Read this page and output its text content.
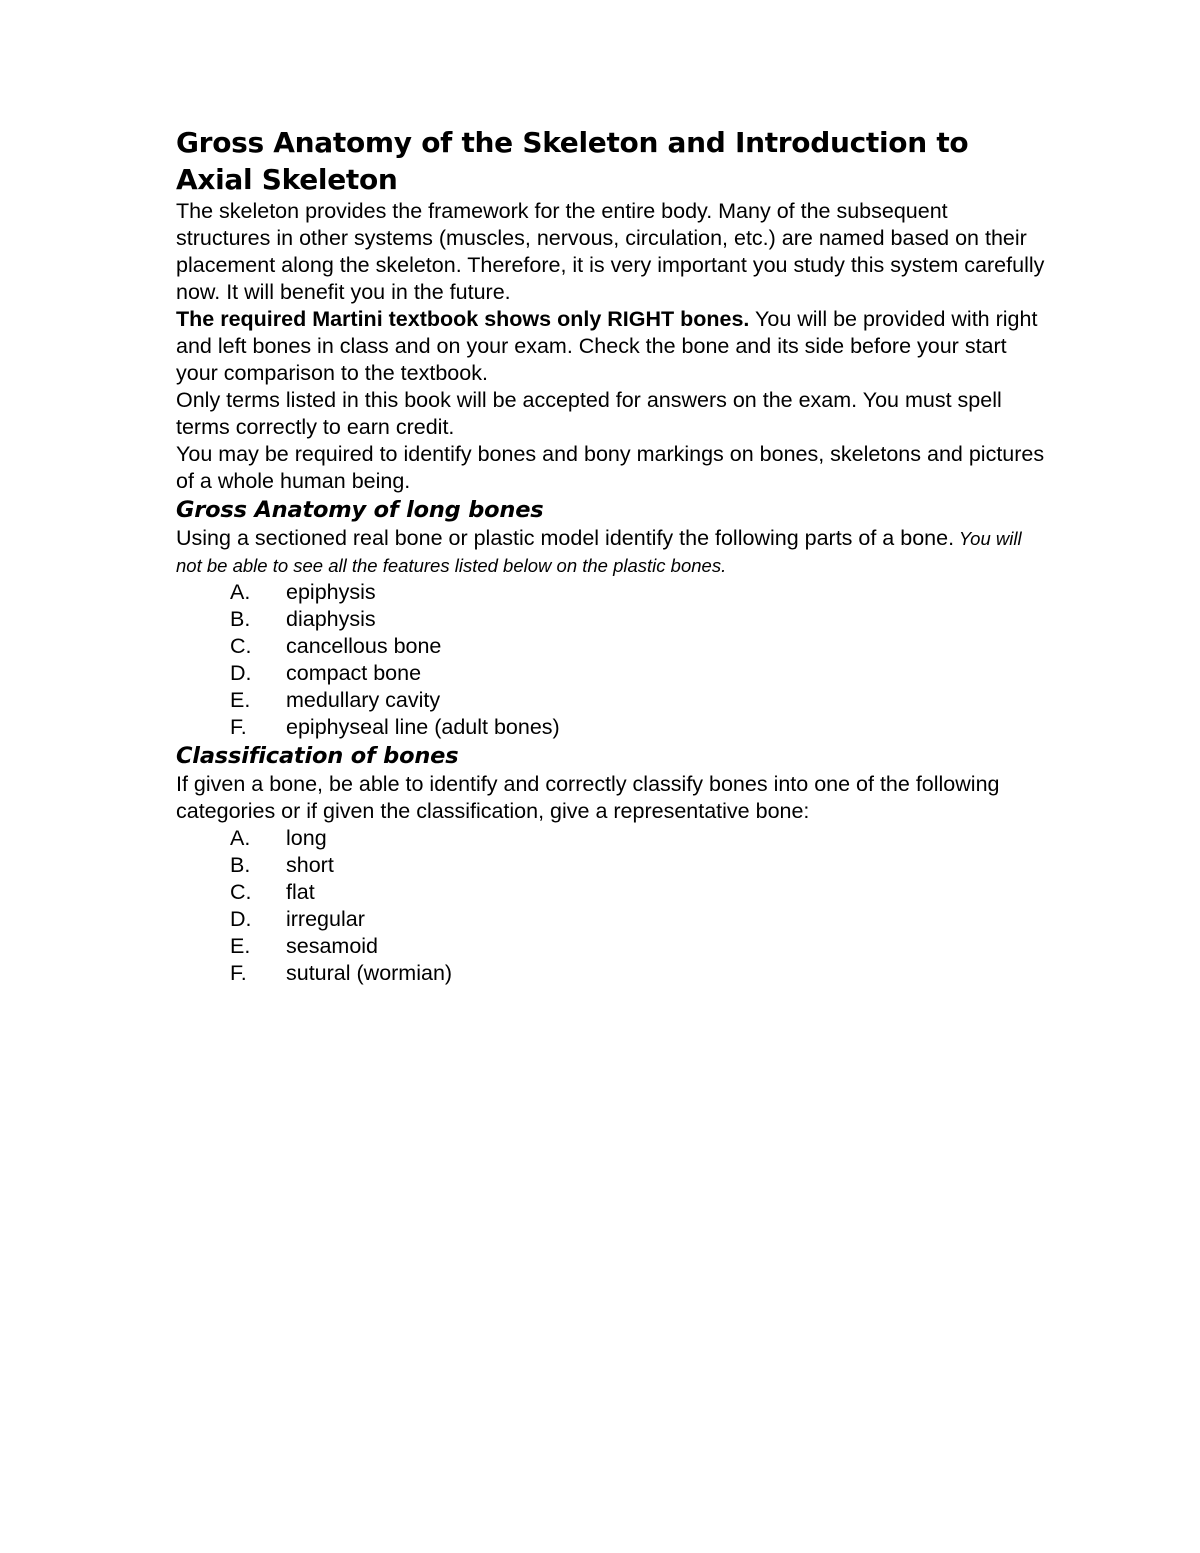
Gross Anatomy of the Skeleton and Introduction to Axial Skeleton

The skeleton provides the framework for the entire body. Many of the subsequent structures in other systems (muscles, nervous, circulation, etc.) are named based on their placement along the skeleton. Therefore, it is very important you study this system carefully now. It will benefit you in the future.

The required Martini textbook shows only RIGHT bones. You will be provided with right and left bones in class and on your exam. Check the bone and its side before your start your comparison to the textbook.

Only terms listed in this book will be accepted for answers on the exam. You must spell terms correctly to earn credit.

You may be required to identify bones and bony markings on bones, skeletons and pictures of a whole human being.

Gross Anatomy of long bones

Using a sectioned real bone or plastic model identify the following parts of a bone. You will not be able to see all the features listed below on the plastic bones.

A.	epiphysis
B.	diaphysis
C.	cancellous bone
D.	compact bone
E.	medullary cavity
F.	epiphyseal line (adult bones)
Classification of bones

If given a bone, be able to identify and correctly classify bones into one of the following categories or if given the classification, give a representative bone:

A.	long
B.	short
C.	flat
D.	irregular
E.	sesamoid
F.	sutural (wormian)
